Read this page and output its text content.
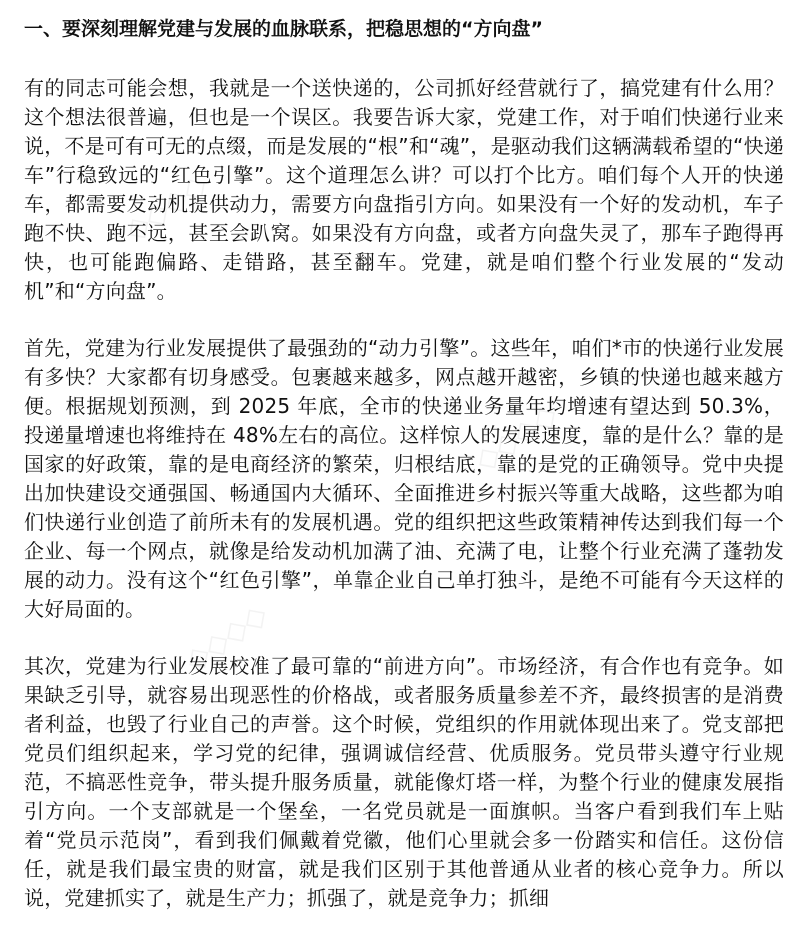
◇◇◇◇
◇◇◇◇
◇◇◇◇
一、要深刻理解党建与发展的血脉联系，把稳思想的“方向盘”

有的同志可能会想，我就是一个送快递的，公司抓好经营就行了，搞党建有什么用？这个想法很普遍，但也是一个误区。我要告诉大家，党建工作，对于咱们快递行业来说，不是可有可无的点缀，而是发展的“根”和“魂”，是驱动我们这辆满载希望的“快递车”行稳致远的“红色引擎”。这个道理怎么讲？可以打个比方。咱们每个人开的快递车，都需要发动机提供动力，需要方向盘指引方向。如果没有一个好的发动机，车子跑不快、跑不远，甚至会趴窝。如果没有方向盘，或者方向盘失灵了，那车子跑得再快，也可能跑偏路、走错路，甚至翻车。党建，就是咱们整个行业发展的“发动机”和“方向盘”。

首先，党建为行业发展提供了最强劲的“动力引擎”。这些年，咱们*市的快递行业发展有多快？大家都有切身感受。包裹越来越多，网点越开越密，乡镇的快递也越来越方便。根据规划预测，到 2025 年底，全市的快递业务量年均增速有望达到 50.3%，投递量增速也将维持在 48%左右的高位。这样惊人的发展速度，靠的是什么？靠的是国家的好政策，靠的是电商经济的繁荣，归根结底，靠的是党的正确领导。党中央提出加快建设交通强国、畅通国内大循环、全面推进乡村振兴等重大战略，这些都为咱们快递行业创造了前所未有的发展机遇。党的组织把这些政策精神传达到我们每一个企业、每一个网点，就像是给发动机加满了油、充满了电，让整个行业充满了蓬勃发展的动力。没有这个“红色引擎”，单靠企业自己单打独斗，是绝不可能有今天这样的大好局面的。

其次，党建为行业发展校准了最可靠的“前进方向”。市场经济，有合作也有竞争。如果缺乏引导，就容易出现恶性的价格战，或者服务质量参差不齐，最终损害的是消费者利益，也毁了行业自己的声誉。这个时候，党组织的作用就体现出来了。党支部把党员们组织起来，学习党的纪律，强调诚信经营、优质服务。党员带头遵守行业规范，不搞恶性竞争，带头提升服务质量，就能像灯塔一样，为整个行业的健康发展指引方向。一个支部就是一个堡垒，一名党员就是一面旗帜。当客户看到我们车上贴着“党员示范岗”，看到我们佩戴着党徽，他们心里就会多一份踏实和信任。这份信任，就是我们最宝贵的财富，就是我们区别于其他普通从业者的核心竞争力。所以说，党建抓实了，就是生产力；抓强了，就是竞争力；抓细
